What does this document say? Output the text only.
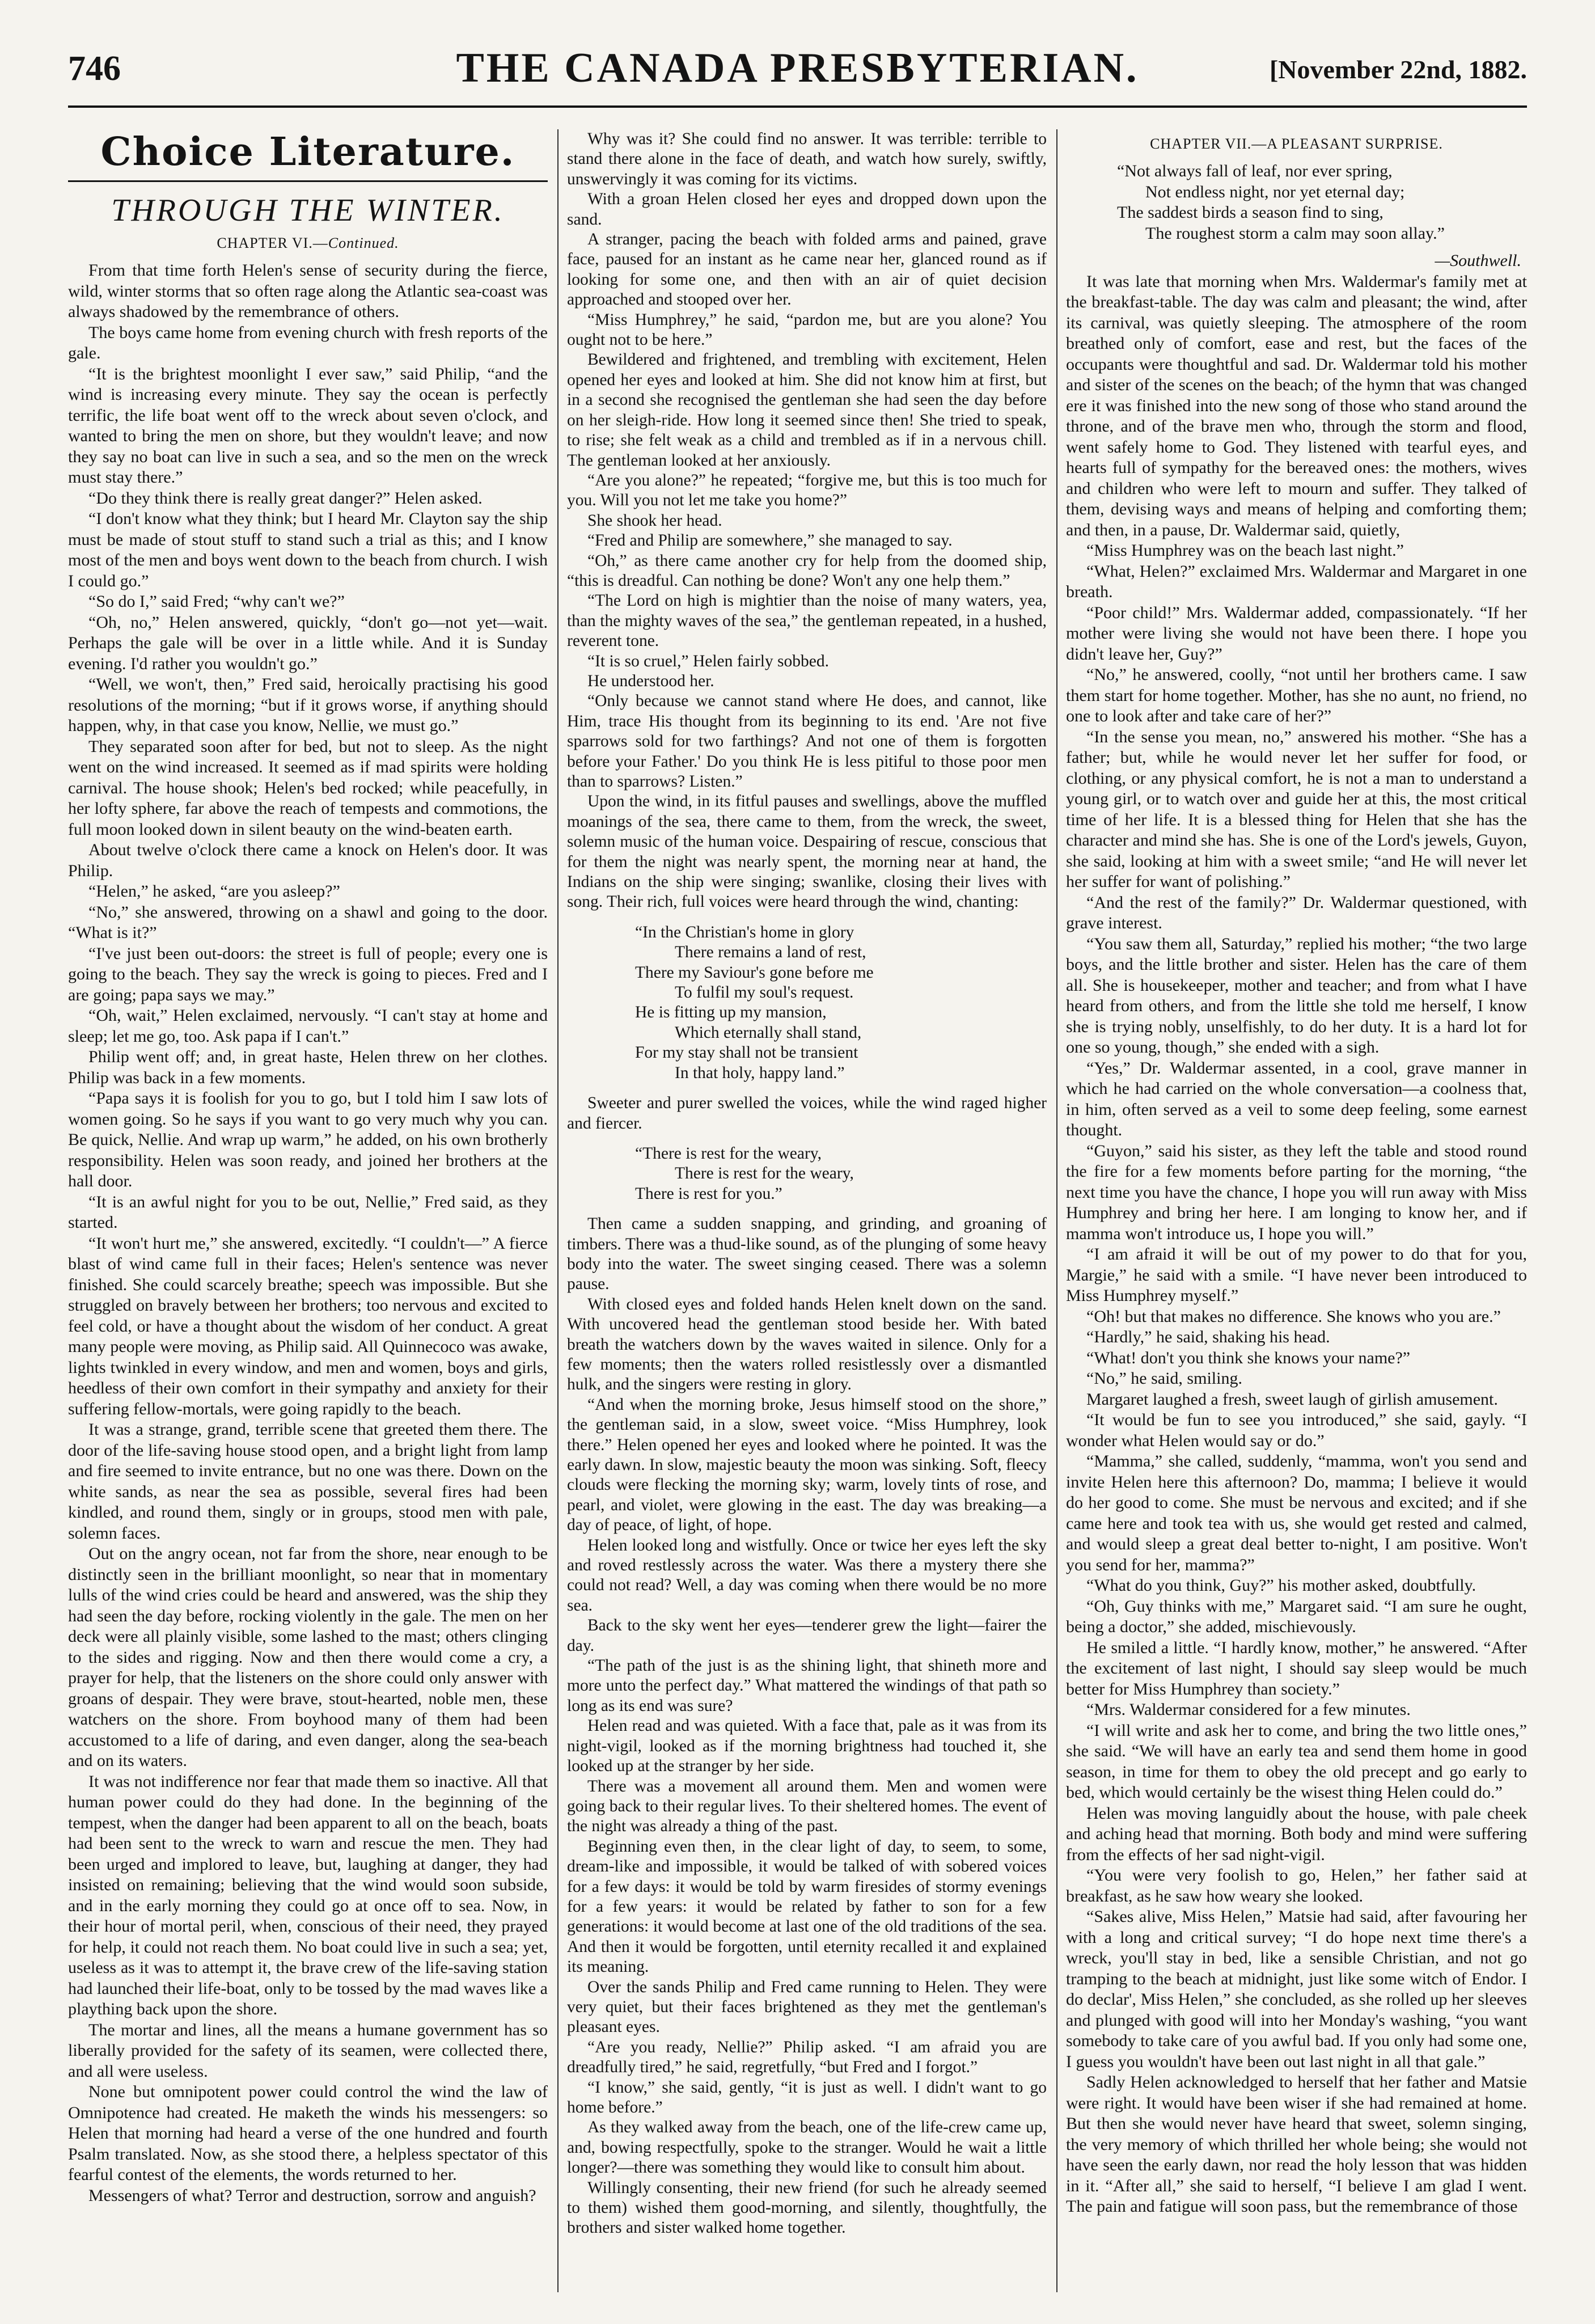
746	THE CANADA PRESBYTERIAN.	[November 22nd, 1882.
Choice Literature.
THROUGH THE WINTER.
CHAPTER VI.—Continued.

From that time forth Helen's sense of security during the fierce, wild, winter storms that so often rage along the Atlantic sea-coast was always shadowed by the remembrance of others.

The boys came home from evening church with fresh reports of the gale.

“It is the brightest moonlight I ever saw,” said Philip, “and the wind is increasing every minute. They say the ocean is perfectly terrific, the life boat went off to the wreck about seven o'clock, and wanted to bring the men on shore, but they wouldn't leave; and now they say no boat can live in such a sea, and so the men on the wreck must stay there.”

“Do they think there is really great danger?” Helen asked.

“I don't know what they think; but I heard Mr. Clayton say the ship must be made of stout stuff to stand such a trial as this; and I know most of the men and boys went down to the beach from church. I wish I could go.”

“So do I,” said Fred; “why can't we?”

“Oh, no,” Helen answered, quickly, “don't go—not yet—wait. Perhaps the gale will be over in a little while. And it is Sunday evening. I'd rather you wouldn't go.”

“Well, we won't, then,” Fred said, heroically practising his good resolutions of the morning; “but if it grows worse, if anything should happen, why, in that case you know, Nellie, we must go.”

They separated soon after for bed, but not to sleep. As the night went on the wind increased. It seemed as if mad spirits were holding carnival. The house shook; Helen's bed rocked; while peacefully, in her lofty sphere, far above the reach of tempests and commotions, the full moon looked down in silent beauty on the wind-beaten earth.

About twelve o'clock there came a knock on Helen's door. It was Philip.

“Helen,” he asked, “are you asleep?”

“No,” she answered, throwing on a shawl and going to the door. “What is it?”

“I've just been out-doors: the street is full of people; every one is going to the beach. They say the wreck is going to pieces. Fred and I are going; papa says we may.”

“Oh, wait,” Helen exclaimed, nervously. “I can't stay at home and sleep; let me go, too. Ask papa if I can't.”

Philip went off; and, in great haste, Helen threw on her clothes. Philip was back in a few moments.

“Papa says it is foolish for you to go, but I told him I saw lots of women going. So he says if you want to go very much why you can. Be quick, Nellie. And wrap up warm,” he added, on his own brotherly responsibility. Helen was soon ready, and joined her brothers at the hall door.

“It is an awful night for you to be out, Nellie,” Fred said, as they started.

“It won't hurt me,” she answered, excitedly. “I couldn't—” A fierce blast of wind came full in their faces; Helen's sentence was never finished. She could scarcely breathe; speech was impossible. But she struggled on bravely between her brothers; too nervous and excited to feel cold, or have a thought about the wisdom of her conduct. A great many people were moving, as Philip said. All Quinnecoco was awake, lights twinkled in every window, and men and women, boys and girls, heedless of their own comfort in their sympathy and anxiety for their suffering fellow-mortals, were going rapidly to the beach.

It was a strange, grand, terrible scene that greeted them there. The door of the life-saving house stood open, and a bright light from lamp and fire seemed to invite entrance, but no one was there. Down on the white sands, as near the sea as possible, several fires had been kindled, and round them, singly or in groups, stood men with pale, solemn faces.

Out on the angry ocean, not far from the shore, near enough to be distinctly seen in the brilliant moonlight, so near that in momentary lulls of the wind cries could be heard and answered, was the ship they had seen the day before, rocking violently in the gale. The men on her deck were all plainly visible, some lashed to the mast; others clinging to the sides and rigging. Now and then there would come a cry, a prayer for help, that the listeners on the shore could only answer with groans of despair. They were brave, stout-hearted, noble men, these watchers on the shore. From boyhood many of them had been accustomed to a life of daring, and even danger, along the sea-beach and on its waters.

It was not indifference nor fear that made them so inactive. All that human power could do they had done. In the beginning of the tempest, when the danger had been apparent to all on the beach, boats had been sent to the wreck to warn and rescue the men. They had been urged and implored to leave, but, laughing at danger, they had insisted on remaining; believing that the wind would soon subside, and in the early morning they could go at once off to sea. Now, in their hour of mortal peril, when, conscious of their need, they prayed for help, it could not reach them. No boat could live in such a sea; yet, useless as it was to attempt it, the brave crew of the life-saving station had launched their life-boat, only to be tossed by the mad waves like a plaything back upon the shore.

The mortar and lines, all the means a humane government has so liberally provided for the safety of its seamen, were collected there, and all were useless.

None but omnipotent power could control the wind the law of Omnipotence had created. He maketh the winds his messengers: so Helen that morning had heard a verse of the one hundred and fourth Psalm translated. Now, as she stood there, a helpless spectator of this fearful contest of the elements, the words returned to her.

Messengers of what? Terror and destruction, sorrow and anguish?

Why was it? She could find no answer. It was terrible: terrible to stand there alone in the face of death, and watch how surely, swiftly, unswervingly it was coming for its victims.

With a groan Helen closed her eyes and dropped down upon the sand.

A stranger, pacing the beach with folded arms and pained, grave face, paused for an instant as he came near her, glanced round as if looking for some one, and then with an air of quiet decision approached and stooped over her.

“Miss Humphrey,” he said, “pardon me, but are you alone? You ought not to be here.”

Bewildered and frightened, and trembling with excitement, Helen opened her eyes and looked at him. She did not know him at first, but in a second she recognised the gentleman she had seen the day before on her sleigh-ride. How long it seemed since then! She tried to speak, to rise; she felt weak as a child and trembled as if in a nervous chill. The gentleman looked at her anxiously.

“Are you alone?” he repeated; “forgive me, but this is too much for you. Will you not let me take you home?”

She shook her head.

“Fred and Philip are somewhere,” she managed to say.

“Oh,” as there came another cry for help from the doomed ship, “this is dreadful. Can nothing be done? Won't any one help them.”

“The Lord on high is mightier than the noise of many waters, yea, than the mighty waves of the sea,” the gentleman repeated, in a hushed, reverent tone.

“It is so cruel,” Helen fairly sobbed.

He understood her.

“Only because we cannot stand where He does, and cannot, like Him, trace His thought from its beginning to its end. 'Are not five sparrows sold for two farthings? And not one of them is forgotten before your Father.' Do you think He is less pitiful to those poor men than to sparrows? Listen.”

Upon the wind, in its fitful pauses and swellings, above the muffled moanings of the sea, there came to them, from the wreck, the sweet, solemn music of the human voice. Despairing of rescue, conscious that for them the night was nearly spent, the morning near at hand, the Indians on the ship were singing; swanlike, closing their lives with song. Their rich, full voices were heard through the wind, chanting:

“In the Christian's home in glory
There remains a land of rest,
There my Saviour's gone before me
To fulfil my soul's request.
He is fitting up my mansion,
Which eternally shall stand,
For my stay shall not be transient
In that holy, happy land.”

Sweeter and purer swelled the voices, while the wind raged higher and fiercer.

“There is rest for the weary,
There is rest for the weary,
There is rest for you.”

Then came a sudden snapping, and grinding, and groaning of timbers. There was a thud-like sound, as of the plunging of some heavy body into the water. The sweet singing ceased. There was a solemn pause.

With closed eyes and folded hands Helen knelt down on the sand. With uncovered head the gentleman stood beside her. With bated breath the watchers down by the waves waited in silence. Only for a few moments; then the waters rolled resistlessly over a dismantled hulk, and the singers were resting in glory.

“And when the morning broke, Jesus himself stood on the shore,” the gentleman said, in a slow, sweet voice. “Miss Humphrey, look there.” Helen opened her eyes and looked where he pointed. It was the early dawn. In slow, majestic beauty the moon was sinking. Soft, fleecy clouds were flecking the morning sky; warm, lovely tints of rose, and pearl, and violet, were glowing in the east. The day was breaking—a day of peace, of light, of hope.

Helen looked long and wistfully. Once or twice her eyes left the sky and roved restlessly across the water. Was there a mystery there she could not read? Well, a day was coming when there would be no more sea.

Back to the sky went her eyes—tenderer grew the light—fairer the day.

“The path of the just is as the shining light, that shineth more and more unto the perfect day.” What mattered the windings of that path so long as its end was sure?

Helen read and was quieted. With a face that, pale as it was from its night-vigil, looked as if the morning brightness had touched it, she looked up at the stranger by her side.

There was a movement all around them. Men and women were going back to their regular lives. To their sheltered homes. The event of the night was already a thing of the past.

Beginning even then, in the clear light of day, to seem, to some, dream-like and impossible, it would be talked of with sobered voices for a few days: it would be told by warm firesides of stormy evenings for a few years: it would be related by father to son for a few generations: it would become at last one of the old traditions of the sea. And then it would be forgotten, until eternity recalled it and explained its meaning.

Over the sands Philip and Fred came running to Helen. They were very quiet, but their faces brightened as they met the gentleman's pleasant eyes.

“Are you ready, Nellie?” Philip asked. “I am afraid you are dreadfully tired,” he said, regretfully, “but Fred and I forgot.”

“I know,” she said, gently, “it is just as well. I didn't want to go home before.”

As they walked away from the beach, one of the life-crew came up, and, bowing respectfully, spoke to the stranger. Would he wait a little longer?—there was something they would like to consult him about.

Willingly consenting, their new friend (for such he already seemed to them) wished them good-morning, and silently, thoughtfully, the brothers and sister walked home together.

CHAPTER VII.—A PLEASANT SURPRISE.
“Not always fall of leaf, nor ever spring,
Not endless night, nor yet eternal day;
The saddest birds a season find to sing,
The roughest storm a calm may soon allay.”
—Southwell.

It was late that morning when Mrs. Waldermar's family met at the breakfast-table. The day was calm and pleasant; the wind, after its carnival, was quietly sleeping. The atmosphere of the room breathed only of comfort, ease and rest, but the faces of the occupants were thoughtful and sad. Dr. Waldermar told his mother and sister of the scenes on the beach; of the hymn that was changed ere it was finished into the new song of those who stand around the throne, and of the brave men who, through the storm and flood, went safely home to God. They listened with tearful eyes, and hearts full of sympathy for the bereaved ones: the mothers, wives and children who were left to mourn and suffer. They talked of them, devising ways and means of helping and comforting them; and then, in a pause, Dr. Waldermar said, quietly,

“Miss Humphrey was on the beach last night.”

“What, Helen?” exclaimed Mrs. Waldermar and Margaret in one breath.

“Poor child!” Mrs. Waldermar added, compassionately. “If her mother were living she would not have been there. I hope you didn't leave her, Guy?”

“No,” he answered, coolly, “not until her brothers came. I saw them start for home together. Mother, has she no aunt, no friend, no one to look after and take care of her?”

“In the sense you mean, no,” answered his mother. “She has a father; but, while he would never let her suffer for food, or clothing, or any physical comfort, he is not a man to understand a young girl, or to watch over and guide her at this, the most critical time of her life. It is a blessed thing for Helen that she has the character and mind she has. She is one of the Lord's jewels, Guyon, she said, looking at him with a sweet smile; “and He will never let her suffer for want of polishing.”

“And the rest of the family?” Dr. Waldermar questioned, with grave interest.

“You saw them all, Saturday,” replied his mother; “the two large boys, and the little brother and sister. Helen has the care of them all. She is housekeeper, mother and teacher; and from what I have heard from others, and from the little she told me herself, I know she is trying nobly, unselfishly, to do her duty. It is a hard lot for one so young, though,” she ended with a sigh.

“Yes,” Dr. Waldermar assented, in a cool, grave manner in which he had carried on the whole conversation—a coolness that, in him, often served as a veil to some deep feeling, some earnest thought.

“Guyon,” said his sister, as they left the table and stood round the fire for a few moments before parting for the morning, “the next time you have the chance, I hope you will run away with Miss Humphrey and bring her here. I am longing to know her, and if mamma won't introduce us, I hope you will.”

“I am afraid it will be out of my power to do that for you, Margie,” he said with a smile. “I have never been introduced to Miss Humphrey myself.”

“Oh! but that makes no difference. She knows who you are.”

“Hardly,” he said, shaking his head.

“What! don't you think she knows your name?”

“No,” he said, smiling.

Margaret laughed a fresh, sweet laugh of girlish amusement.

“It would be fun to see you introduced,” she said, gayly. “I wonder what Helen would say or do.”

“Mamma,” she called, suddenly, “mamma, won't you send and invite Helen here this afternoon? Do, mamma; I believe it would do her good to come. She must be nervous and excited; and if she came here and took tea with us, she would get rested and calmed, and would sleep a great deal better to-night, I am positive. Won't you send for her, mamma?”

“What do you think, Guy?” his mother asked, doubtfully.

“Oh, Guy thinks with me,” Margaret said. “I am sure he ought, being a doctor,” she added, mischievously.

He smiled a little. “I hardly know, mother,” he answered. “After the excitement of last night, I should say sleep would be much better for Miss Humphrey than society.”

“Mrs. Waldermar considered for a few minutes.

“I will write and ask her to come, and bring the two little ones,” she said. “We will have an early tea and send them home in good season, in time for them to obey the old precept and go early to bed, which would certainly be the wisest thing Helen could do.”

Helen was moving languidly about the house, with pale cheek and aching head that morning. Both body and mind were suffering from the effects of her sad night-vigil.

“You were very foolish to go, Helen,” her father said at breakfast, as he saw how weary she looked.

“Sakes alive, Miss Helen,” Matsie had said, after favouring her with a long and critical survey; “I do hope next time there's a wreck, you'll stay in bed, like a sensible Christian, and not go tramping to the beach at midnight, just like some witch of Endor. I do declar', Miss Helen,” she concluded, as she rolled up her sleeves and plunged with good will into her Monday's washing, “you want somebody to take care of you awful bad. If you only had some one, I guess you wouldn't have been out last night in all that gale.”

Sadly Helen acknowledged to herself that her father and Matsie were right. It would have been wiser if she had remained at home. But then she would never have heard that sweet, solemn singing, the very memory of which thrilled her whole being; she would not have seen the early dawn, nor read the holy lesson that was hidden in it. “After all,” she said to herself, “I believe I am glad I went. The pain and fatigue will soon pass, but the remembrance of those
